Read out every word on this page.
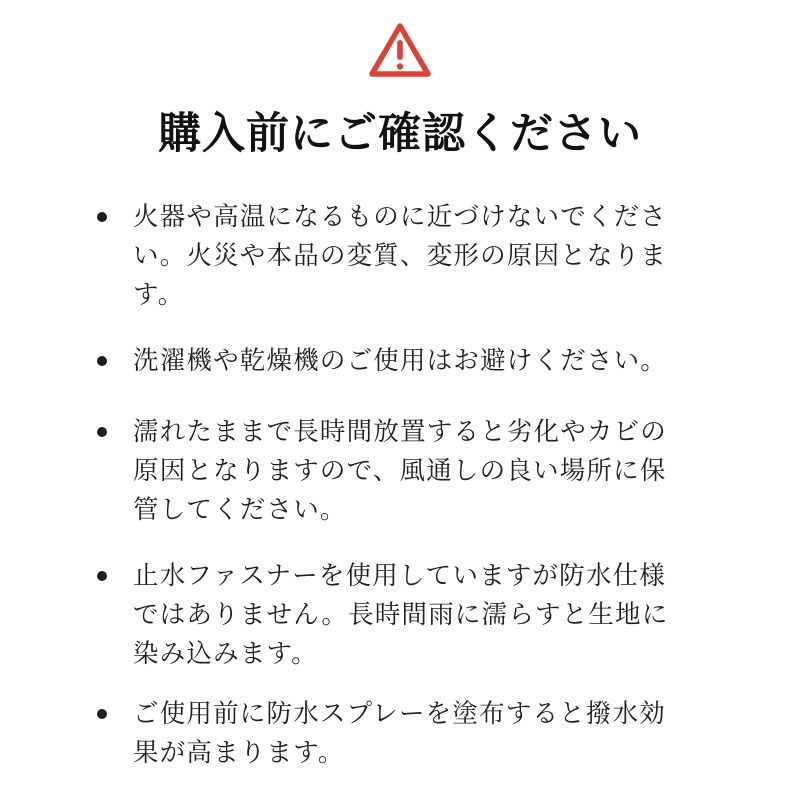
購入前にご確認ください
火器や高温になるものに近づけないでください。火災や本品の変質、変形の原因となります。
洗濯機や乾燥機のご使用はお避けください。
濡れたままで長時間放置すると劣化やカビの原因となりますので、風通しの良い場所に保管してください。
止水ファスナーを使用していますが防水仕様ではありません。長時間雨に濡らすと生地に染み込みます。
ご使用前に防水スプレーを塗布すると撥水効果が高まります。
